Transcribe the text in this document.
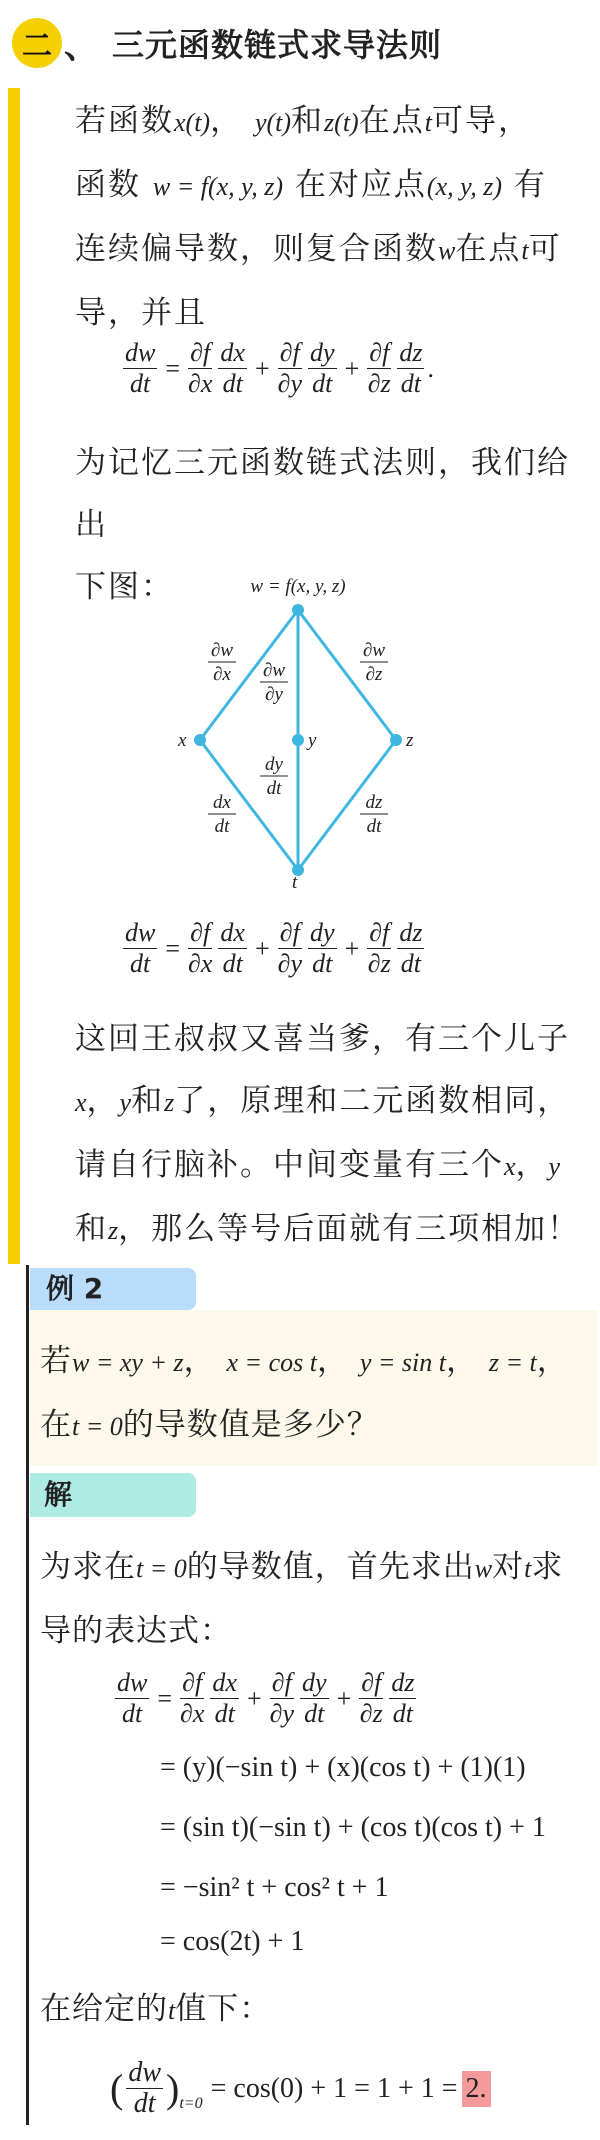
二 、 三元函数链式求导法则
若函数x(t)， y(t)和z(t)在点t可导，
函数 w = f(x, y, z) 在对应点(x, y, z) 有
连续偏导数，则复合函数w在点t可
导，并且
$\frac{dw}{dt} = \frac{\partial f}{\partial x}$ dx
dt
+ $\frac{\partial f}{\partial y}$ dy
dt
+ $\frac{\partial f}{\partial z}$ dz
dt
.
为记忆三元函数链式法则，我们给出
下图：	w = f(x, y, z)
x	y	z
t
∂w
∂x ∂w
∂y
∂w
∂z
dx
dt
dy
dt
dz
dt
$\frac{dw}{dt} = \frac{\partial f}{\partial x}$ dx
dt
+ $\frac{\partial f}{\partial y}$ dy
dt
+ $\frac{\partial f}{\partial z}$ dz
dt
这回王叔叔又喜当爹，有三个儿子
x，y和z了，原理和二元函数相同，
请自行脑补。中间变量有三个x，y
和z，那么等号后面就有三项相加！
例 2
若w = xy + z， x = cos t， y = sin t， z = t，
在t = 0的导数值是多少？
解
为求在t = 0的导数值，首先求出w对t求
导的表达式：
$\frac{dw}{dt} = \frac{\partial f}{\partial x}$ dx
dt
+ $\frac{\partial f}{\partial y}$ dy
dt
+ $\frac{\partial f}{\partial z}$ dz
dt
= (y)(−sin t) + (x)(cos t) + (1)(1)
= (sin t)(−sin t) + (cos t)(cos t) + 1
= −sin² t + cos² t + 1
= cos(2t) + 1
在给定的t值下：
( dw
dt ) t=0 = cos(0) + 1 = 1 + 1 = 2.
